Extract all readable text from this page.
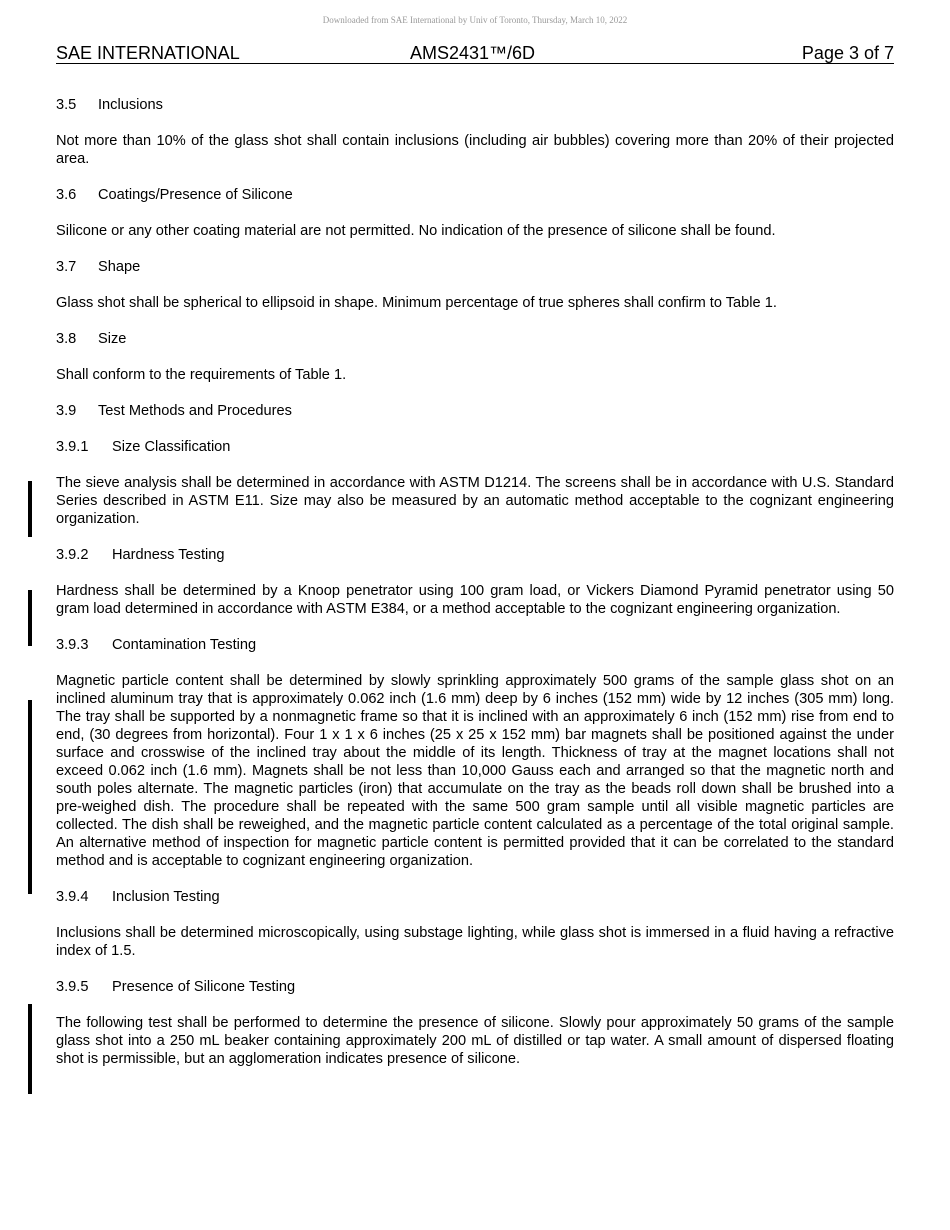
Downloaded from SAE International by Univ of Toronto, Thursday, March 10, 2022
SAE INTERNATIONAL	AMS2431™/6D	Page 3 of 7
3.5 Inclusions

Not more than 10% of the glass shot shall contain inclusions (including air bubbles) covering more than 20% of their projected area.

3.6 Coatings/Presence of Silicone

Silicone or any other coating material are not permitted. No indication of the presence of silicone shall be found.

3.7 Shape

Glass shot shall be spherical to ellipsoid in shape. Minimum percentage of true spheres shall confirm to Table 1.

3.8 Size

Shall conform to the requirements of Table 1.

3.9 Test Methods and Procedures
3.9.1 Size Classification

The sieve analysis shall be determined in accordance with ASTM D1214. The screens shall be in accordance with U.S. Standard Series described in ASTM E11. Size may also be measured by an automatic method acceptable to the cognizant engineering organization.

3.9.2 Hardness Testing

Hardness shall be determined by a Knoop penetrator using 100 gram load, or Vickers Diamond Pyramid penetrator using 50 gram load determined in accordance with ASTM E384, or a method acceptable to the cognizant engineering organization.

3.9.3 Contamination Testing

Magnetic particle content shall be determined by slowly sprinkling approximately 500 grams of the sample glass shot on an inclined aluminum tray that is approximately 0.062 inch (1.6 mm) deep by 6 inches (152 mm) wide by 12 inches (305 mm) long. The tray shall be supported by a nonmagnetic frame so that it is inclined with an approximately 6 inch (152 mm) rise from end to end, (30 degrees from horizontal). Four 1 x 1 x 6 inches (25 x 25 x 152 mm) bar magnets shall be positioned against the under surface and crosswise of the inclined tray about the middle of its length. Thickness of tray at the magnet locations shall not exceed 0.062 inch (1.6 mm). Magnets shall be not less than 10,000 Gauss each and arranged so that the magnetic north and south poles alternate. The magnetic particles (iron) that accumulate on the tray as the beads roll down shall be brushed into a pre-weighed dish. The procedure shall be repeated with the same 500 gram sample until all visible magnetic particles are collected. The dish shall be reweighed, and the magnetic particle content calculated as a percentage of the total original sample. An alternative method of inspection for magnetic particle content is permitted provided that it can be correlated to the standard method and is acceptable to cognizant engineering organization.

3.9.4 Inclusion Testing

Inclusions shall be determined microscopically, using substage lighting, while glass shot is immersed in a fluid having a refractive index of 1.5.

3.9.5 Presence of Silicone Testing

The following test shall be performed to determine the presence of silicone. Slowly pour approximately 50 grams of the sample glass shot into a 250 mL beaker containing approximately 200 mL of distilled or tap water. A small amount of dispersed floating shot is permissible, but an agglomeration indicates presence of silicone.
